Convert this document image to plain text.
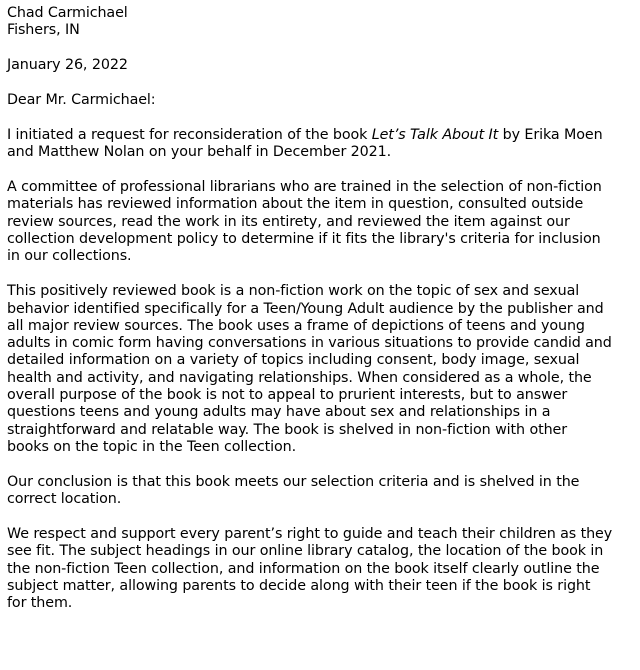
Chad Carmichael
Fishers, IN
January 26, 2022
Dear Mr. Carmichael:
I initiated a request for reconsideration of the book Let’s Talk About It by Erika Moen
and Matthew Nolan on your behalf in December 2021.
A committee of professional librarians who are trained in the selection of non-fiction
materials has reviewed information about the item in question, consulted outside
review sources, read the work in its entirety, and reviewed the item against our
collection development policy to determine if it fits the library's criteria for inclusion
in our collections.
This positively reviewed book is a non-fiction work on the topic of sex and sexual
behavior identified specifically for a Teen/Young Adult audience by the publisher and
all major review sources. The book uses a frame of depictions of teens and young
adults in comic form having conversations in various situations to provide candid and
detailed information on a variety of topics including consent, body image, sexual
health and activity, and navigating relationships. When considered as a whole, the
overall purpose of the book is not to appeal to prurient interests, but to answer
questions teens and young adults may have about sex and relationships in a
straightforward and relatable way. The book is shelved in non-fiction with other
books on the topic in the Teen collection.
Our conclusion is that this book meets our selection criteria and is shelved in the
correct location.
We respect and support every parent’s right to guide and teach their children as they
see fit. The subject headings in our online library catalog, the location of the book in
the non-fiction Teen collection, and information on the book itself clearly outline the
subject matter, allowing parents to decide along with their teen if the book is right
for them.
